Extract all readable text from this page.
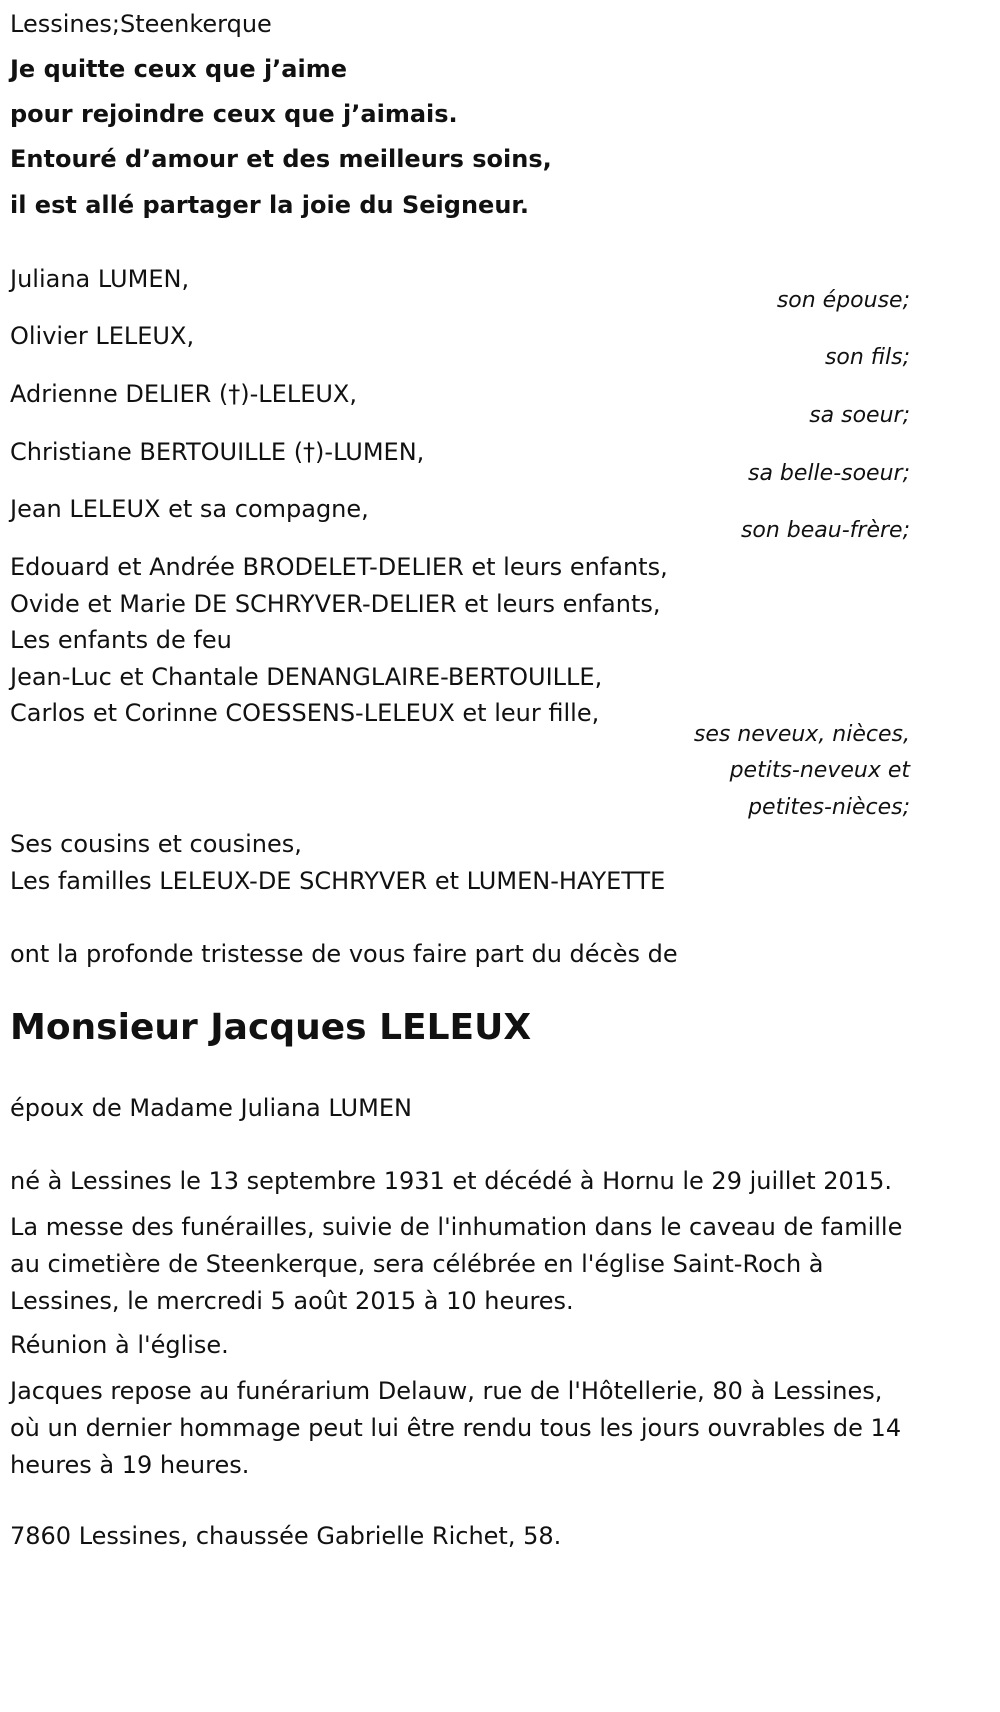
Lessines;Steenkerque
Je quitte ceux que j’aime
pour rejoindre ceux que j’aimais.
Entouré d’amour et des meilleurs soins,
il est allé partager la joie du Seigneur.
Juliana LUMEN,
son épouse;
Olivier LELEUX,
son fils;
Adrienne DELIER (†)-LELEUX,
sa soeur;
Christiane BERTOUILLE (†)-LUMEN,
sa belle-soeur;
Jean LELEUX et sa compagne,
son beau-frère;
Edouard et Andrée BRODELET-DELIER et leurs enfants,
Ovide et Marie DE SCHRYVER-DELIER et leurs enfants,
Les enfants de feu
Jean-Luc et Chantale DENANGLAIRE-BERTOUILLE,
Carlos et Corinne COESSENS-LELEUX et leur fille,
ses neveux, nièces,
petits-neveux et
petites-nièces;
Ses cousins et cousines,
Les familles LELEUX-DE SCHRYVER et LUMEN-HAYETTE
ont la profonde tristesse de vous faire part du décès de
Monsieur Jacques LELEUX
époux de Madame Juliana LUMEN
né à Lessines le 13 septembre 1931 et décédé à Hornu le 29 juillet 2015.
La messe des funérailles, suivie de l'inhumation dans le caveau de famille au cimetière de Steenkerque, sera célébrée en l'église Saint-Roch à Lessines, le mercredi 5 août 2015 à 10 heures.
Réunion à l'église.
Jacques repose au funérarium Delauw, rue de l'Hôtellerie, 80 à Lessines, où un dernier hommage peut lui être rendu tous les jours ouvrables de 14 heures à 19 heures.
7860 Lessines, chaussée Gabrielle Richet, 58.
